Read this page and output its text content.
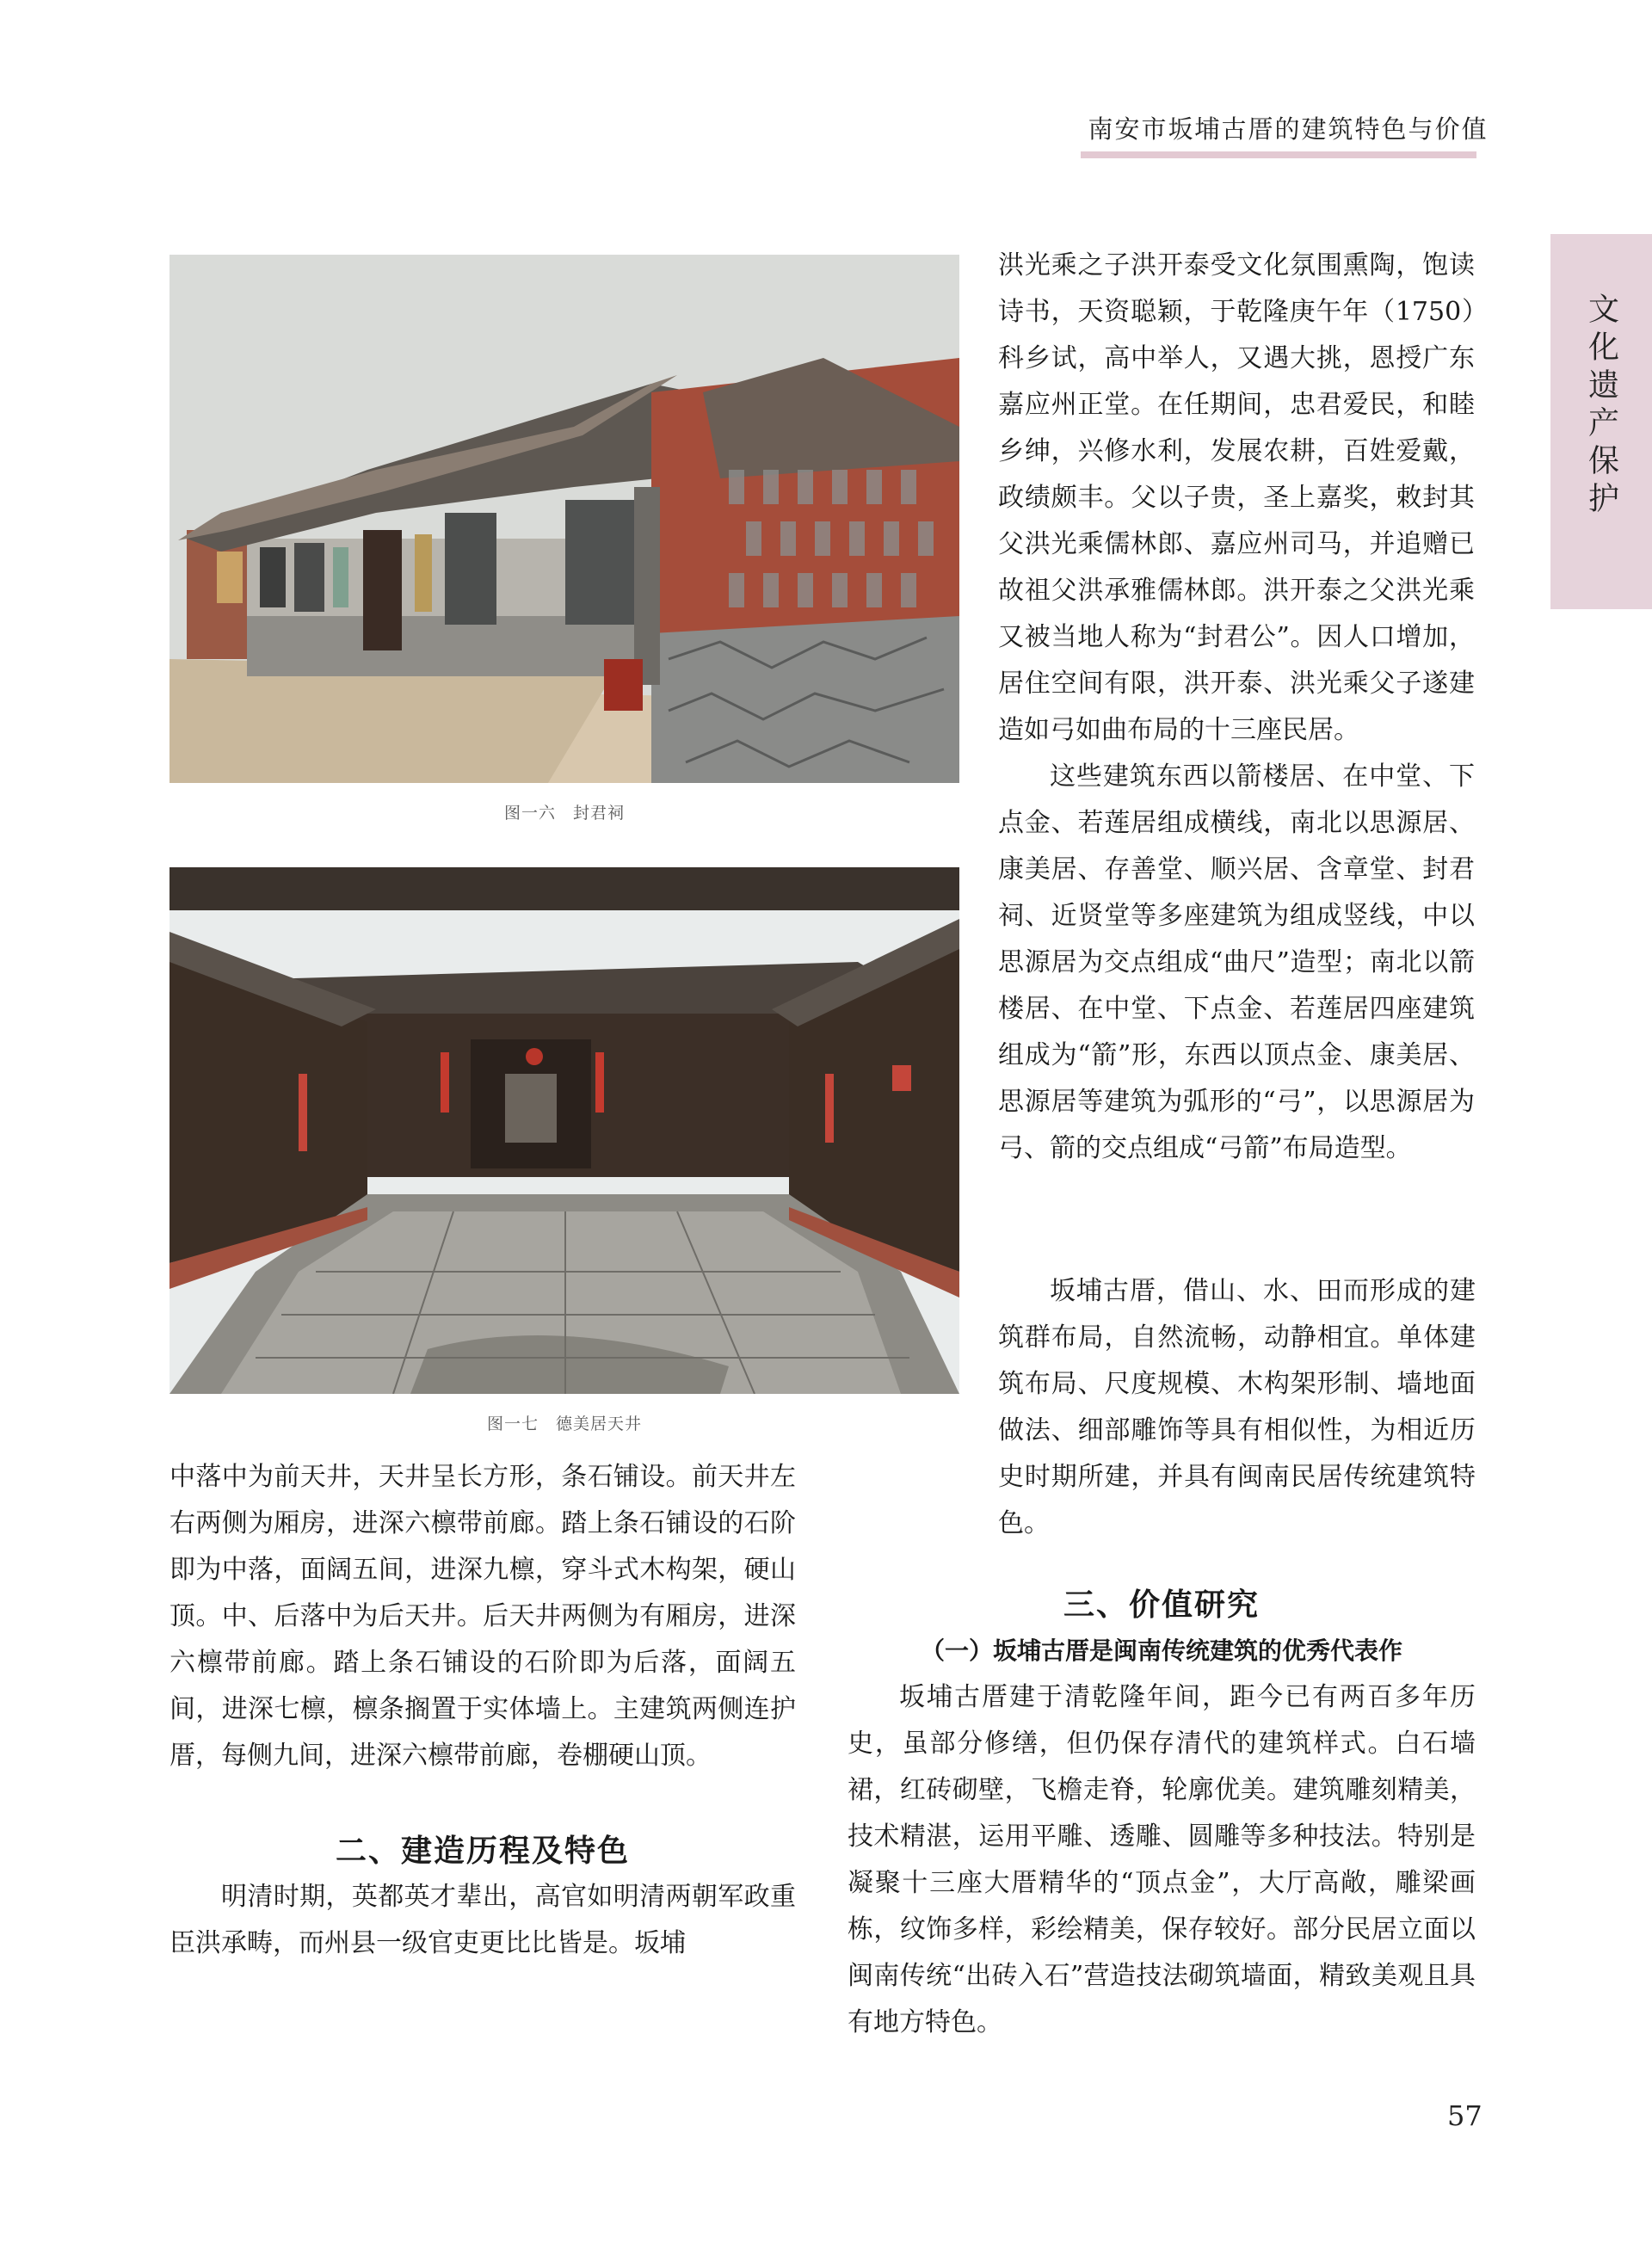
南安市坂埔古厝的建筑特色与价值
文化遗产保护
图一六　封君祠
图一七　德美居天井

中落中为前天井，天井呈长方形，条石铺设。前天井左右两侧为厢房，进深六檩带前廊。踏上条石铺设的石阶即为中落，面阔五间，进深九檩，穿斗式木构架，硬山顶。中、后落中为后天井。后天井两侧为有厢房，进深六檩带前廊。踏上条石铺设的石阶即为后落，面阔五间，进深七檩，檩条搁置于实体墙上。主建筑两侧连护厝，每侧九间，进深六檩带前廊，卷棚硬山顶。

二、建造历程及特色

明清时期，英都英才辈出，高官如明清两朝军政重臣洪承畴，而州县一级官吏更比比皆是。坂埔

洪光乘之子洪开泰受文化氛围熏陶，饱读诗书，天资聪颖，于乾隆庚午年（1750）科乡试，高中举人，又遇大挑，恩授广东嘉应州正堂。在任期间，忠君爱民，和睦乡绅，兴修水利，发展农耕，百姓爱戴，政绩颇丰。父以子贵，圣上嘉奖，敕封其父洪光乘儒林郎、嘉应州司马，并追赠已故祖父洪承雅儒林郎。洪开泰之父洪光乘又被当地人称为“封君公”。因人口增加，居住空间有限，洪开泰、洪光乘父子遂建造如弓如曲布局的十三座民居。

这些建筑东西以箭楼居、在中堂、下点金、若莲居组成横线，南北以思源居、康美居、存善堂、顺兴居、含章堂、封君祠、近贤堂等多座建筑为组成竖线，中以思源居为交点组成“曲尺”造型；南北以箭楼居、在中堂、下点金、若莲居四座建筑组成为“箭”形，东西以顶点金、康美居、思源居等建筑为弧形的“弓”，以思源居为弓、箭的交点组成“弓箭”布局造型。

坂埔古厝，借山、水、田而形成的建筑群布局，自然流畅，动静相宜。单体建筑布局、尺度规模、木构架形制、墙地面做法、细部雕饰等具有相似性，为相近历史时期所建，并具有闽南民居传统建筑特色。

三、价值研究
（一）坂埔古厝是闽南传统建筑的优秀代表作

坂埔古厝建于清乾隆年间，距今已有两百多年历史，虽部分修缮，但仍保存清代的建筑样式。白石墙裙，红砖砌壁，飞檐走脊，轮廓优美。建筑雕刻精美，技术精湛，运用平雕、透雕、圆雕等多种技法。特别是凝聚十三座大厝精华的“顶点金”，大厅高敞，雕梁画栋，纹饰多样，彩绘精美，保存较好。部分民居立面以闽南传统“出砖入石”营造技法砌筑墙面，精致美观且具有地方特色。

57
